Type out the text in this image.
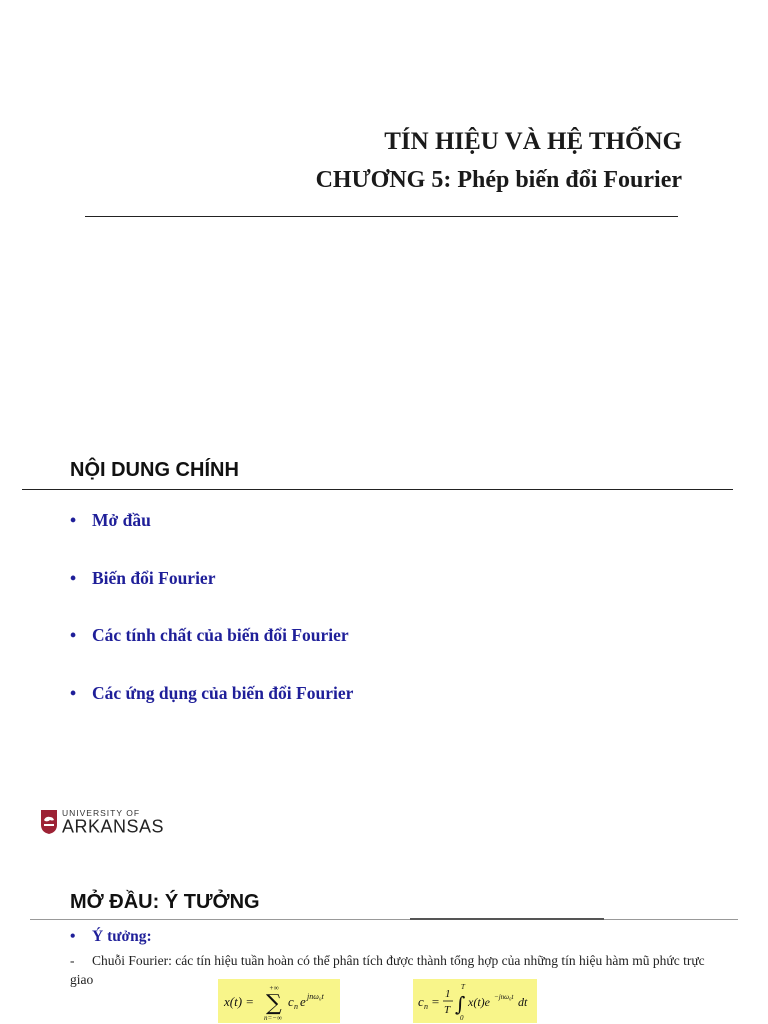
TÍN HIỆU VÀ HỆ THỐNG
CHƯƠNG 5: Phép biến đổi Fourier
NỘI DUNG CHÍNH
• Mở đầu
• Biến đổi Fourier
• Các tính chất của biến đổi Fourier
• Các ứng dụng của biến đổi Fourier
UNIVERSITY OF
ARKANSAS
MỞ ĐẦU: Ý TƯỞNG
• Ý tưởng:
- Chuỗi Fourier: các tín hiệu tuần hoàn có thể phân tích được thành tổng hợp của những tín hiệu hàm mũ phức trực giao
x(t) = ∑
+∞
n=−∞
c n e jnω₀t	c n = 1
T ∫
T
0
x(t)e −jnω₀t dt
